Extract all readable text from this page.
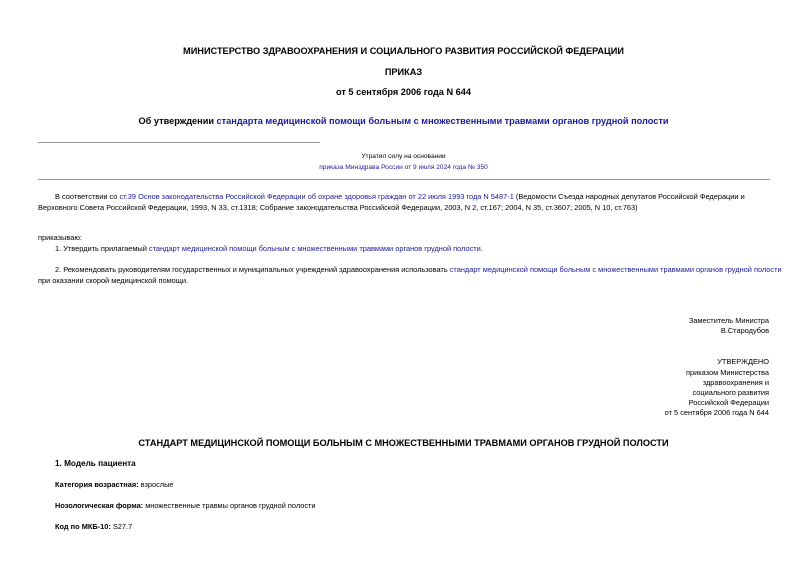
МИНИСТЕРСТВО ЗДРАВООХРАНЕНИЯ И СОЦИАЛЬНОГО РАЗВИТИЯ РОССИЙСКОЙ ФЕДЕРАЦИИ
ПРИКАЗ
от 5 сентября 2006 года N 644
Об утверждении стандарта медицинской помощи больным с множественными травмами органов грудной полости
Утратил силу на основании
приказа Минздрава России от 9 июля 2024 года № 350
В соответствии со ст.39 Основ законодательства Российской Федерации об охране здоровья граждан от 22 июля 1993 года N 5487-1 (Ведомости Съезда народных депутатов Российской Федерации и
Верховного Совета Российской Федерации, 1993, N 33, ст.1318; Собрание законодательства Российской Федерации, 2003, N 2, ст.167; 2004, N 35, ст.3607; 2005, N 10, ст.763)
приказываю:
1. Утвердить прилагаемый стандарт медицинской помощи больным с множественными травмами органов грудной полости.
2. Рекомендовать руководителям государственных и муниципальных учреждений здравоохранения использовать стандарт медицинской помощи больным с множественными травмами органов грудной полости
при оказании скорой медицинской помощи.
Заместитель Министра
В.Стародубов
УТВЕРЖДЕНО
приказом Министерства
здравоохранения и
социального развития
Российской Федерации
от 5 сентября 2006 года N 644
СТАНДАРТ МЕДИЦИНСКОЙ ПОМОЩИ БОЛЬНЫМ С МНОЖЕСТВЕННЫМИ ТРАВМАМИ ОРГАНОВ ГРУДНОЙ ПОЛОСТИ
1. Модель пациента
Категория возрастная: взрослые
Нозологическая форма: множественные травмы органов грудной полости
Код по МКБ-10: S27.7
